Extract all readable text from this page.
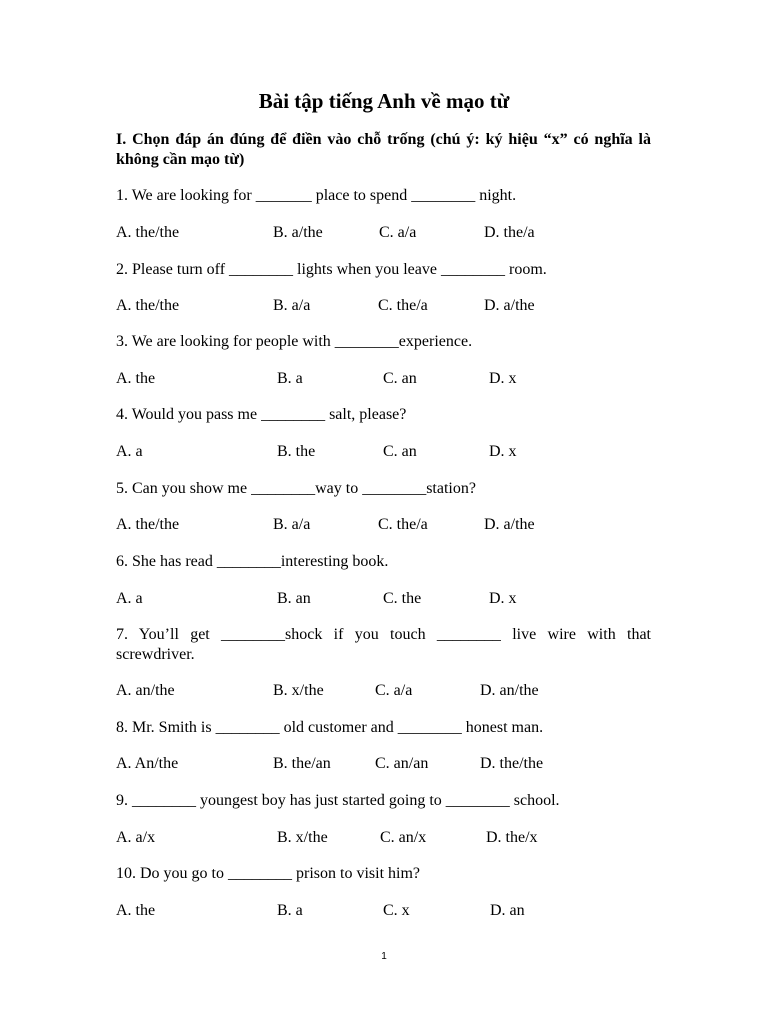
Bài tập tiếng Anh về mạo từ

I. Chọn đáp án đúng để điền vào chỗ trống (chú ý: ký hiệu “x” có nghĩa là không cần mạo từ)

1. We are looking for _______ place to spend ________ night.

A. the/the	B. a/the	C. a/a	D. the/a

2. Please turn off ________ lights when you leave ________ room.

A. the/the	B. a/a	C. the/a	D. a/the

3. We are looking for people with ________experience.

A. the	B. a	C. an	D. x

4. Would you pass me ________ salt, please?

A. a	B. the	C. an	D. x

5. Can you show me ________way to ________station?

A. the/the	B. a/a	C. the/a	D. a/the

6. She has read ________interesting book.

A. a	B. an	C. the	D. x

7. You’ll get ________shock if you touch ________ live wire with that screwdriver.

A. an/the	B. x/the	C. a/a	D. an/the

8. Mr. Smith is ________ old customer and ________ honest man.

A. An/the	B. the/an	C. an/an	D. the/the

9. ________ youngest boy has just started going to ________ school.

A. a/x	B. x/the	C. an/x	D. the/x

10. Do you go to ________ prison to visit him?

A. the	B. a	C. x	D. an
1
